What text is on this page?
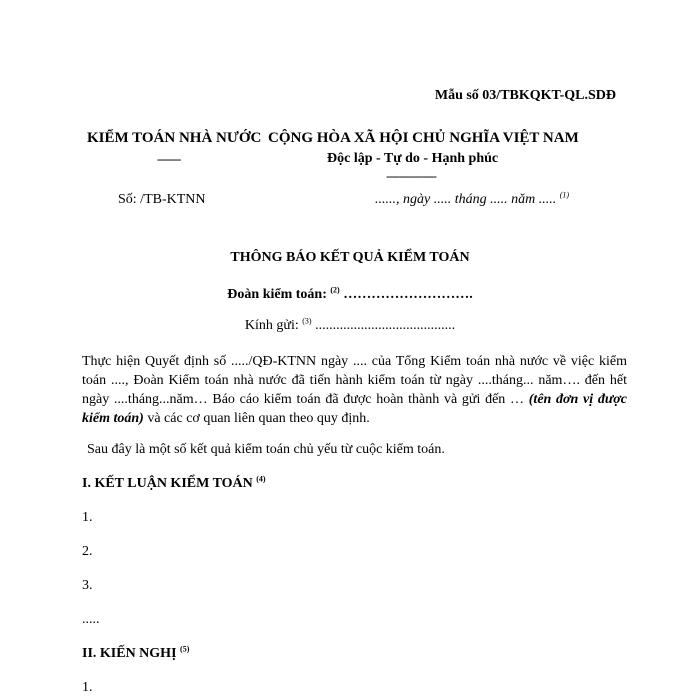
Mẫu số 03/TBKQKT-QL.SDĐ
KIỂM TOÁN NHÀ NƯỚC
-------
CỘNG HÒA XÃ HỘI CHỦ NGHĨA VIỆT NAM
Độc lập - Tự do - Hạnh phúc
---------------
Số: /TB-KTNN	......, ngày ..... tháng ..... năm ..... $^{(1)}$
THÔNG BÁO KẾT QUẢ KIỂM TOÁN
Đoàn kiểm toán: $^{(2)}$ ……………………….
Kính gửi: $^{(3)}$ ........................................
Thực hiện Quyết định số ...../QĐ-KTNN ngày .... của Tổng Kiểm toán nhà nước về việc kiểm toán ...., Đoàn Kiểm toán nhà nước đã tiến hành kiểm toán từ ngày ....tháng... năm…. đến hết ngày ....tháng...năm… Báo cáo kiểm toán đã được hoàn thành và gửi đến … (tên đơn vị được kiểm toán) và các cơ quan liên quan theo quy định.
Sau đây là một số kết quả kiểm toán chủ yếu từ cuộc kiểm toán.
I. KẾT LUẬN KIỂM TOÁN $^{(4)}$
1.
2.
3.
.....
II. KIẾN NGHỊ $^{(5)}$
1.
